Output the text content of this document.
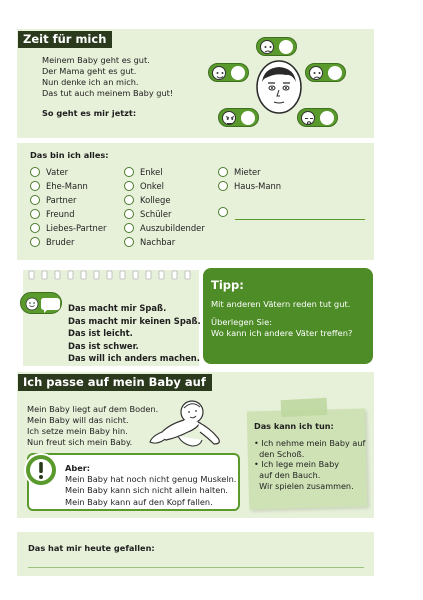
Zeit für mich
Meinem Baby geht es gut.
Der Mama geht es gut.
Nun denke ich an mich.
Das tut auch meinem Baby gut!
So geht es mir jetzt:
Das bin ich alles:
Vater
Ehe-Mann
Partner
Freund
Liebes-Partner
Bruder
Enkel
Onkel
Kollege
Schüler
Auszubildender
Nachbar
Mieter
Haus-Mann
Das macht mir Spaß.
Das macht mir keinen Spaß.
Das ist leicht.
Das ist schwer.
Das will ich anders machen.
Tipp:
Mit anderen Vätern reden tut gut.
Überlegen Sie:
Wo kann ich andere Väter treffen?
Ich passe auf mein Baby auf
Mein Baby liegt auf dem Boden.
Mein Baby will das nicht.
Ich setze mein Baby hin.
Nun freut sich mein Baby.
Aber:
Mein Baby hat noch nicht genug Muskeln.
Mein Baby kann sich nicht allein halten.
Mein Baby kann auf den Kopf fallen.
Das kann ich tun:
• Ich nehme mein Baby auf
den Schoß.
• Ich lege mein Baby
auf den Bauch.
Wir spielen zusammen.
Das hat mir heute gefallen:
